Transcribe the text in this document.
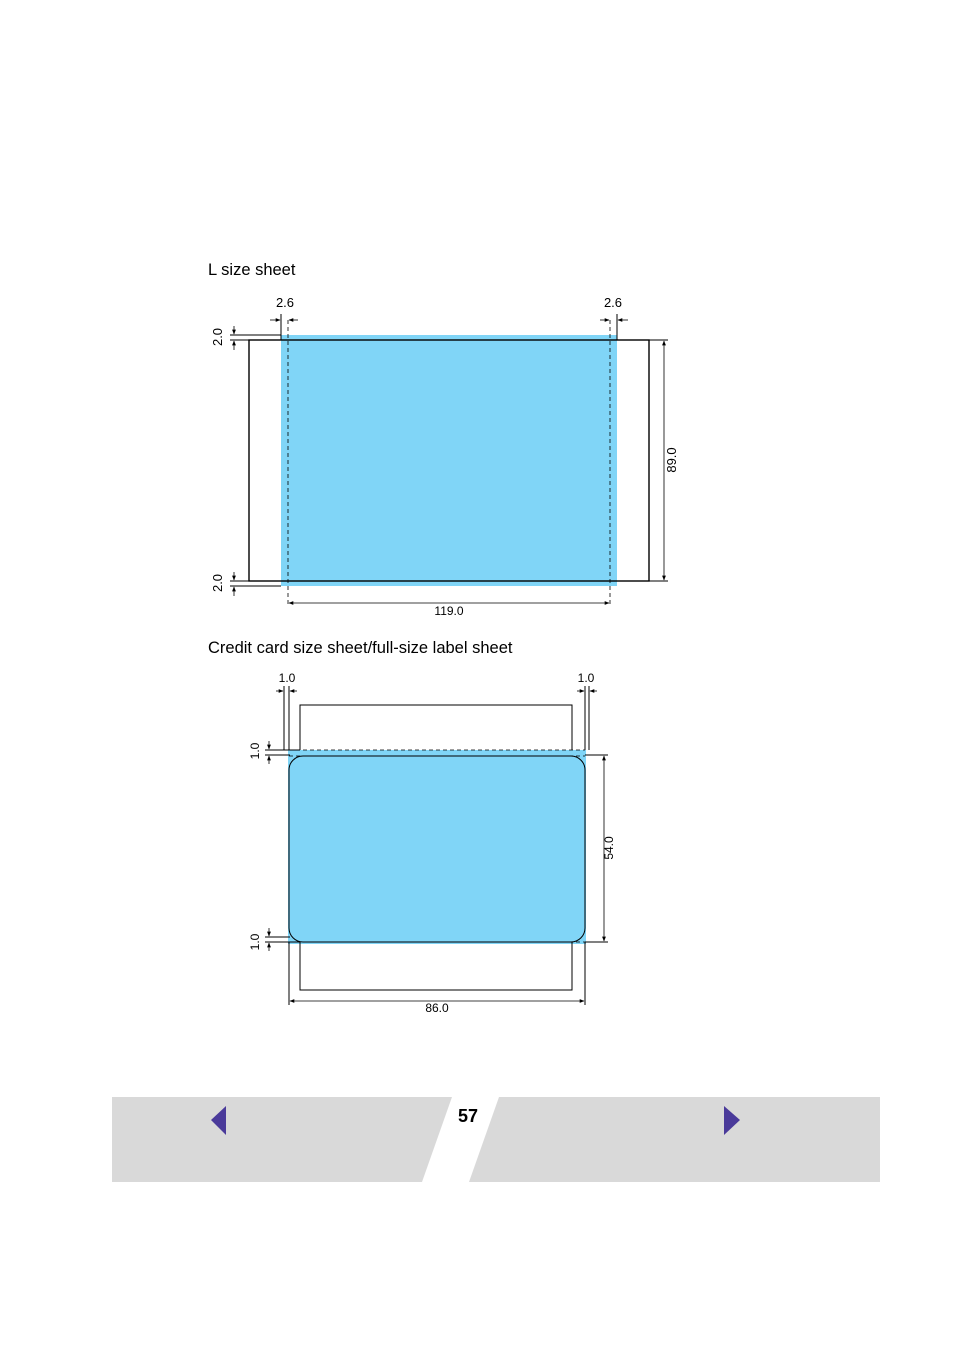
L size sheet
Credit card size sheet/full-size label sheet
2.6	2.6
2.0
2.0
89.0
119.0
1.0	1.0
1.0
1.0
54.0
86.0
57
